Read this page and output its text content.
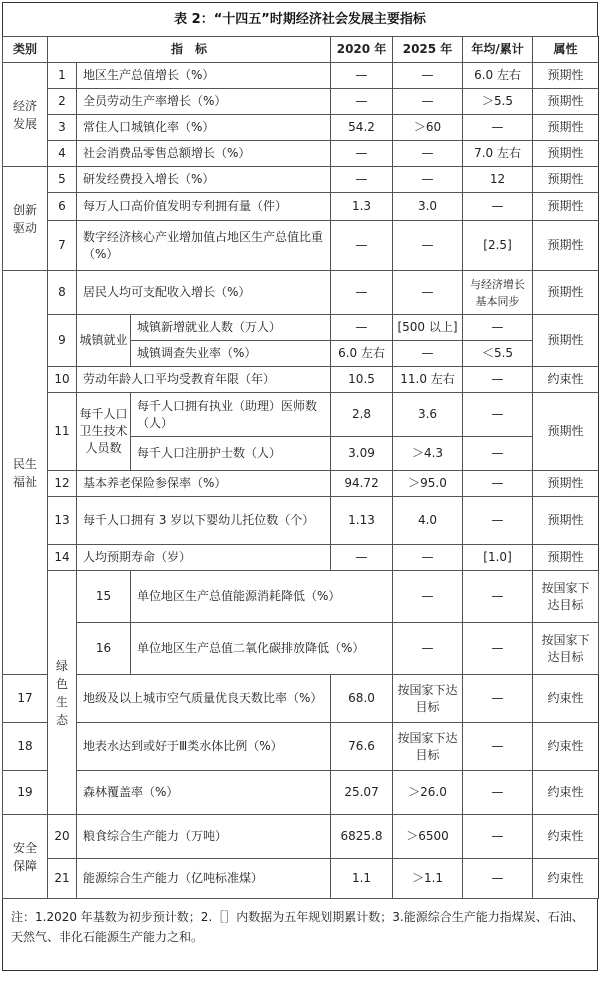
表 2：“十四五”时期经济社会发展主要指标
类别	指　标			2020 年	2025 年	年均/累计	属性	
经济发展	1	地区生产总值增长（%）		—	—	6.0 左右	预期性	
	2	全员劳动生产率增长（%）		—	—	＞5.5	预期性	
	3	常住人口城镇化率（%）		54.2	＞60	—	预期性	
	4	社会消费品零售总额增长（%）		—	—	7.0 左右	预期性	
创新驱动	5	研发经费投入增长（%）		—	—	12	预期性	
	6	每万人口高价值发明专利拥有量（件）		1.3	3.0	—	预期性	
	7	数字经济核心产业增加值占地区生产总值比重（%）		—	—	[2.5]	预期性	
民生福祉	8	居民人均可支配收入增长（%）		—	—	与经济增长基本同步	预期性	
	9	城镇就业	城镇新增就业人数（万人）	—	[500 以上]	—	预期性	
			城镇调查失业率（%）	6.0 左右	—	＜5.5		
	10	劳动年龄人口平均受教育年限（年）		10.5	11.0 左右	—	约束性	
	11	每千人口卫生技术人员数	每千人口拥有执业（助理）医师数（人）	2.8	3.6	—	预期性	
			每千人口注册护士数（人）	3.09	＞4.3	—		
	12	基本养老保险参保率（%）		94.72	＞95.0	—	预期性	
	13	每千人口拥有 3 岁以下婴幼儿托位数（个）		1.13	4.0	—	预期性	
	14	人均预期寿命（岁）		—	—	[1.0]	预期性	
	绿色生态	15	单位地区生产总值能源消耗降低（%）		—	—	按国家下达目标	
		16	单位地区生产总值二氧化碳排放降低（%）		—	—	按国家下达目标	
17		地级及以上城市空气质量优良天数比率（%）		68.0	按国家下达目标	—	约束性	
18		地表水达到或好于Ⅲ类水体比例（%）		76.6	按国家下达目标	—	约束性	
19		森林覆盖率（%）		25.07	＞26.0	—	约束性	
安全保障	20	粮食综合生产能力（万吨）		6825.8	＞6500	—	约束性	
	21	能源综合生产能力（亿吨标准煤）		1.1	＞1.1	—	约束性	
注：1.2020 年基数为初步预计数；2.［］内数据为五年规划期累计数；3.能源综合生产能力指煤炭、石油、天然气、非化石能源生产能力之和。
